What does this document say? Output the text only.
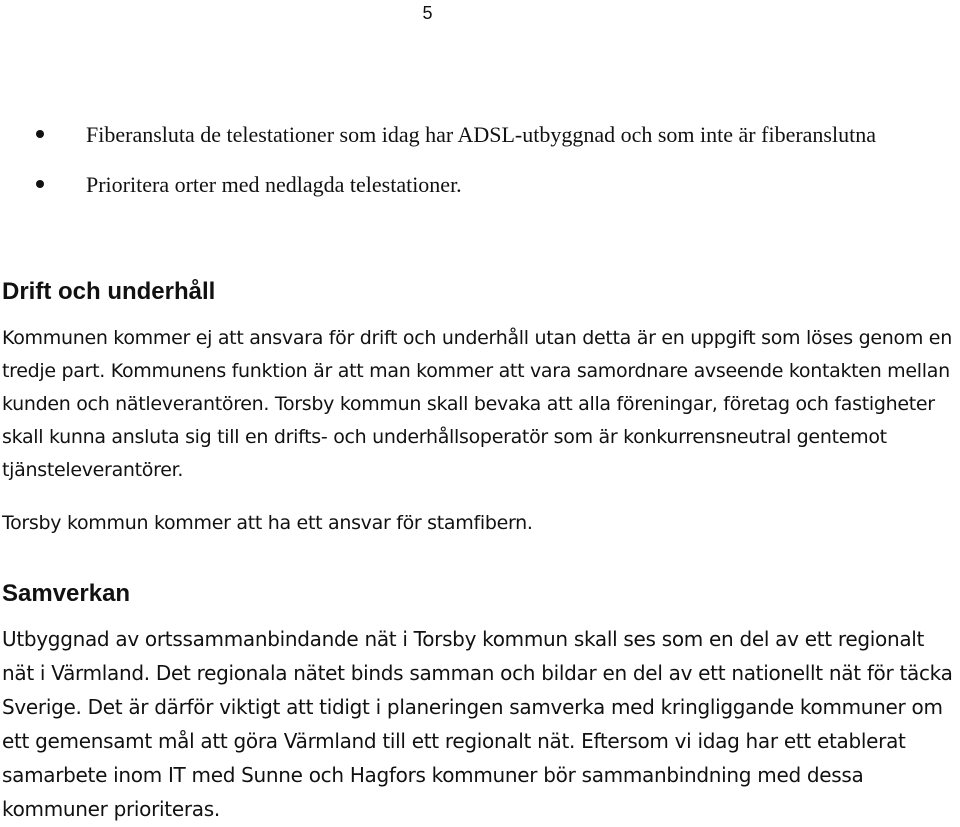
5
Fiberansluta de telestationer som idag har ADSL-utbyggnad och som inte är fiberanslutna
Prioritera orter med nedlagda telestationer.
Drift och underhåll
Kommunen kommer ej att ansvara för drift och underhåll utan detta är en uppgift som löses genom en tredje part. Kommunens funktion är att man kommer att vara samordnare avseende kontakten mellan kunden och nätleverantören. Torsby kommun skall bevaka att alla föreningar, företag och fastigheter skall kunna ansluta sig till en drifts- och underhållsoperatör som är konkurrensneutral gentemot tjänsteleverantörer.
Torsby kommun kommer att ha ett ansvar för stamfibern.
Samverkan
Utbyggnad av ortssammanbindande nät i Torsby kommun skall ses som en del av ett regionalt nät i Värmland. Det regionala nätet binds samman och bildar en del av ett nationellt nät för täcka Sverige. Det är därför viktigt att tidigt i planeringen samverka med kringliggande kommuner om ett gemensamt mål att göra Värmland till ett regionalt nät. Eftersom vi idag har ett etablerat samarbete inom IT med Sunne och Hagfors kommuner bör sammanbindning med dessa kommuner prioriteras.
